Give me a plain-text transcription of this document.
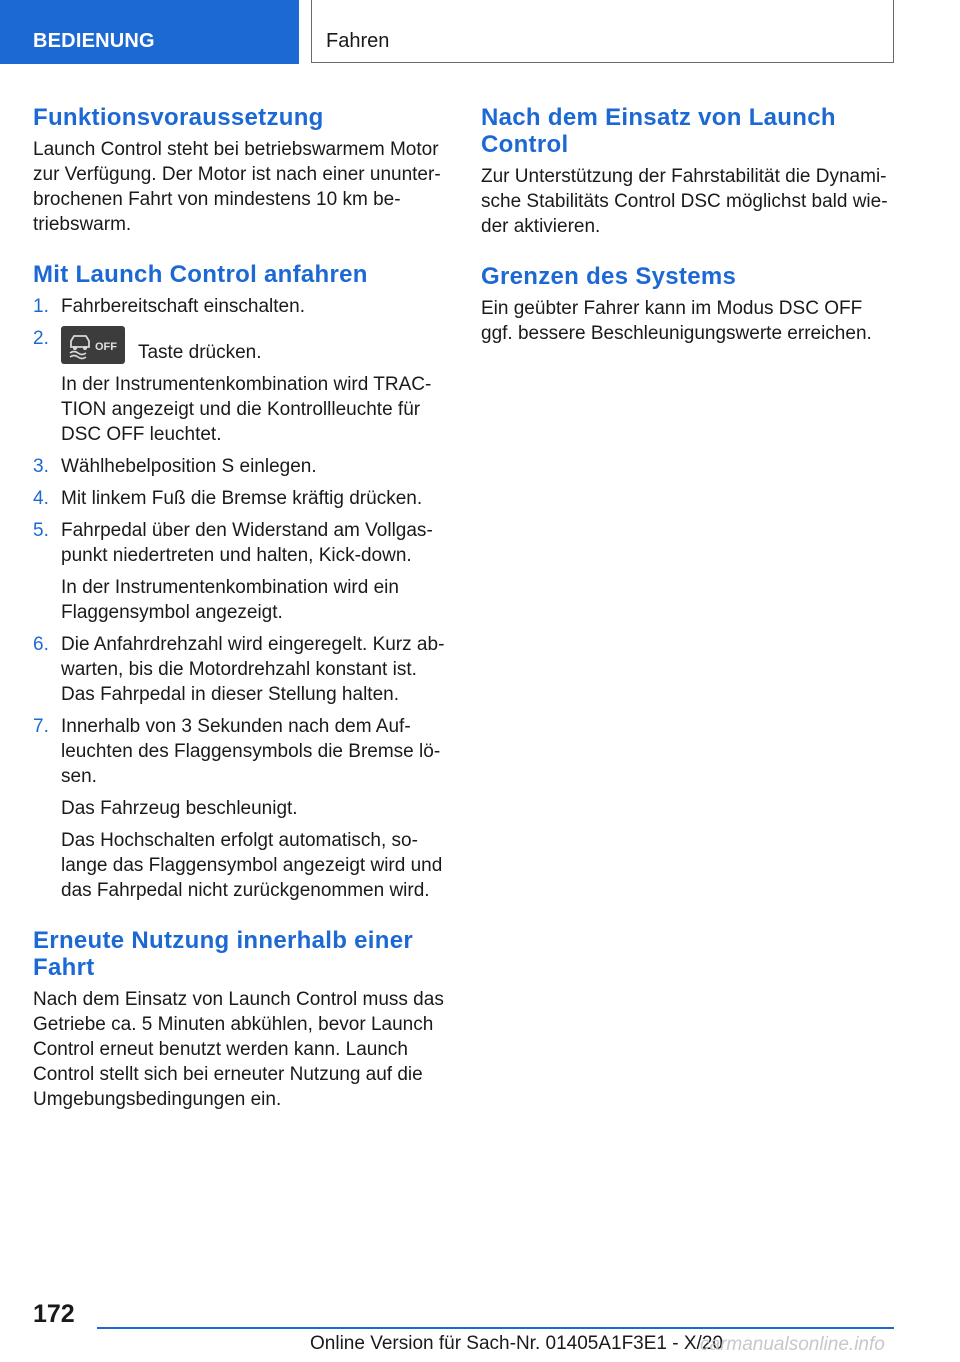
BEDIENUNG	Fahren
Funktionsvoraussetzung

Launch Control steht bei betriebswarmem Motor zur Verfügung. Der Motor ist nach einer ununterbrochenen Fahrt von mindestens 10 km betriebswarm.

Mit Launch Control anfahren
1. Fahrbereitschaft einschalten.
2.	OFF Taste drücken.
In der Instrumentenkombination wird TRACTION angezeigt und die Kontrollleuchte für DSC OFF leuchtet.
3. Wählhebelposition S einlegen.
4. Mit linkem Fuß die Bremse kräftig drücken.
5. Fahrpedal über den Widerstand am Vollgaspunkt niedertreten und halten, Kick-down.
In der Instrumentenkombination wird ein Flaggensymbol angezeigt.
6. Die Anfahrdrehzahl wird eingeregelt. Kurz abwarten, bis die Motordrehzahl konstant ist. Das Fahrpedal in dieser Stellung halten.
7. Innerhalb von 3 Sekunden nach dem Aufleuchten des Flaggensymbols die Bremse lösen.
Das Fahrzeug beschleunigt.
Das Hochschalten erfolgt automatisch, solange das Flaggensymbol angezeigt wird und das Fahrpedal nicht zurückgenommen wird.
Erneute Nutzung innerhalb einer Fahrt

Nach dem Einsatz von Launch Control muss das Getriebe ca. 5 Minuten abkühlen, bevor Launch Control erneut benutzt werden kann. Launch Control stellt sich bei erneuter Nutzung auf die Umgebungsbedingungen ein.

Nach dem Einsatz von Launch Control

Zur Unterstützung der Fahrstabilität die Dynamische Stabilitäts Control DSC möglichst bald wieder aktivieren.

Grenzen des Systems

Ein geübter Fahrer kann im Modus DSC OFF ggf. bessere Beschleunigungswerte erreichen.

172
Online Version für Sach-Nr. 01405A1F3E1 - X/20
carmanualsonline.info
